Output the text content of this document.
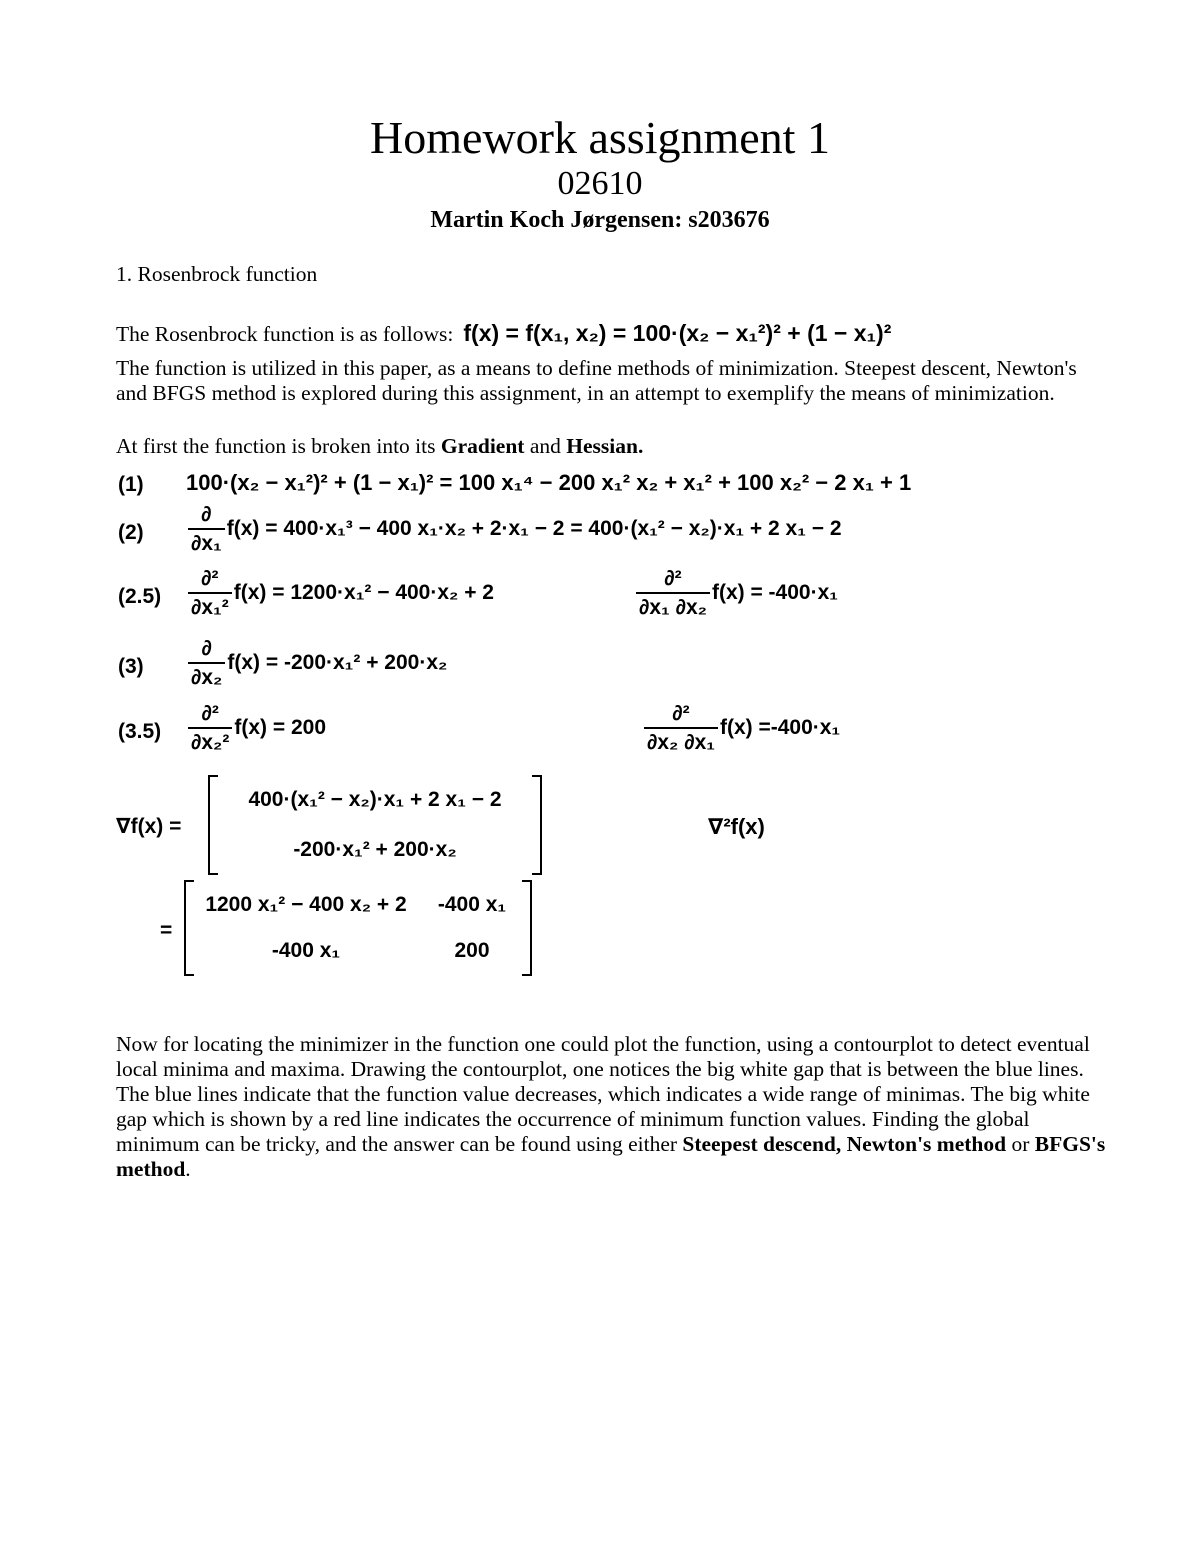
Homework assignment 1
02610
Martin Koch Jørgensen: s203676
1. Rosenbrock function
The Rosenbrock function is as follows: f(x) = f(x₁, x₂) = 100·(x₂ − x₁²)² + (1 − x₁)²
The function is utilized in this paper, as a means to define methods of minimization. Steepest descent, Newton's and BFGS method is explored during this assignment, in an attempt to exemplify the means of minimization.
At first the function is broken into its Gradient and Hessian.
(1) 100·(x₂ − x₁²)² + (1 − x₁)² = 100 x₁⁴ − 200 x₁² x₂ + x₁² + 100 x₂² − 2 x₁ + 1
$(2) \frac{\partial}{\text{∂x₁}} f(x) = 400\cdot x_1^3 - 400$ x₁·x₂ + 2·x₁ − 2 = 400·(x₁² − x₂)·x₁ + 2 x₁ − 2
$(2.5) \frac{\text{∂²}}{\text{∂x₁²}} f(x) = 1200\cdot x_1^2 - 400\cdot x_2 + 2$	$\frac{\text{∂²}}{\text{∂x₁ ∂x₂}} f(x) = -400\cdot x_1$
$(3) \frac{\partial}{\text{∂x₂}} f(x) = -200\cdot x_1^2 + 200\cdot x_2$
$(3.5) \frac{\text{∂²}}{\text{∂x₂²}} f(x) = 200$	$\frac{\text{∂²}}{\text{∂x₂ ∂x₁}} f(x) =-400\cdot x_1$
∇f(x) =
400·(x₁² − x₂)·x₁ + 2 x₁ − 2
-200·x₁² + 200·x₂
∇²f(x)
=
1200 x₁² − 400 x₂ + 2	-400 x₁
-400 x₁	200
Now for locating the minimizer in the function one could plot the function, using a contourplot to detect eventual local minima and maxima. Drawing the contourplot, one notices the big white gap that is between the blue lines. The blue lines indicate that the function value decreases, which indicates a wide range of minimas. The big white gap which is shown by a red line indicates the occurrence of minimum function values. Finding the global minimum can be tricky, and the answer can be found using either Steepest descend, Newton's method or BFGS's method.
